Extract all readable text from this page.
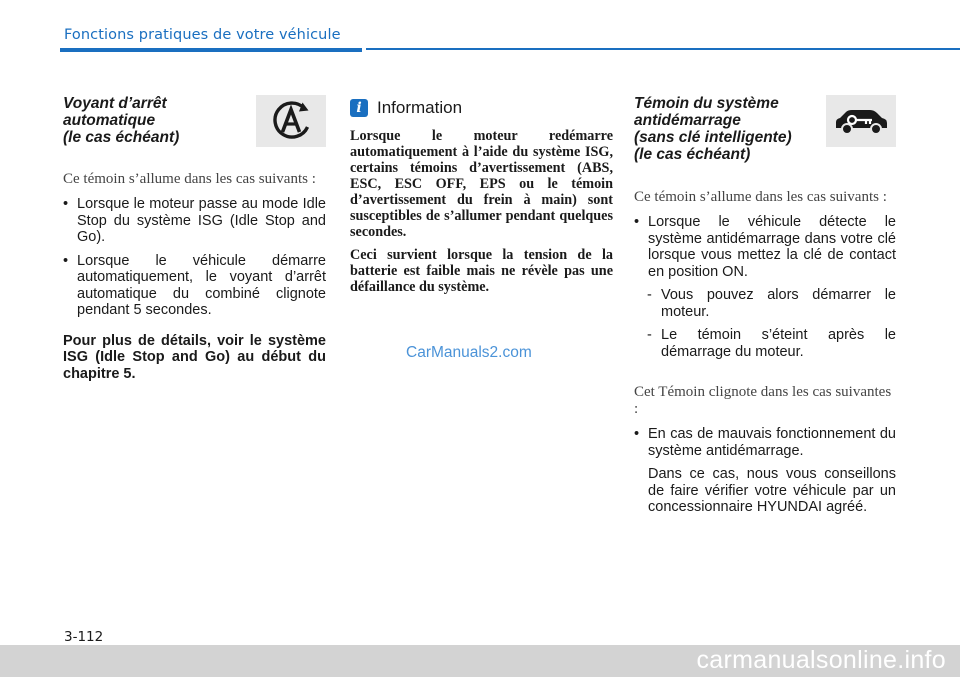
Fonctions pratiques de votre véhicule
Voyant d’arrêt
automatique
(le cas échéant)
Ce témoin s’allume dans les cas suivants :
• Lorsque le moteur passe au mode Idle Stop du système ISG (Idle Stop and Go).
• Lorsque le véhicule démarre automatiquement, le voyant d’arrêt automatique du combiné clignote pendant 5 secondes.
Pour plus de détails, voir le système ISG (Idle Stop and Go) au début du chapitre 5.
i Information
Lorsque le moteur redémarre automatiquement à l’aide du système ISG, certains témoins d’avertissement (ABS, ESC, ESC OFF, EPS ou le témoin d’avertissement du frein à main) sont susceptibles de s’allumer pendant quelques secondes.
Ceci survient lorsque la tension de la batterie est faible mais ne révèle pas une défaillance du système.
CarManuals2.com
Témoin du système
antidémarrage
(sans clé intelligente)
(le cas échéant)
Ce témoin s’allume dans les cas suivants :
• Lorsque le véhicule détecte le système antidémarrage dans votre clé lorsque vous mettez la clé de contact en position ON.
- Vous pouvez alors démarrer le moteur.
- Le témoin s’éteint après le démarrage du moteur.
Cet Témoin clignote dans les cas suivantes :
• En cas de mauvais fonctionnement du système antidémarrage.
Dans ce cas, nous vous conseillons de faire vérifier votre véhicule par un concessionnaire HYUNDAI agréé.
3-112
carmanualsonline.info
